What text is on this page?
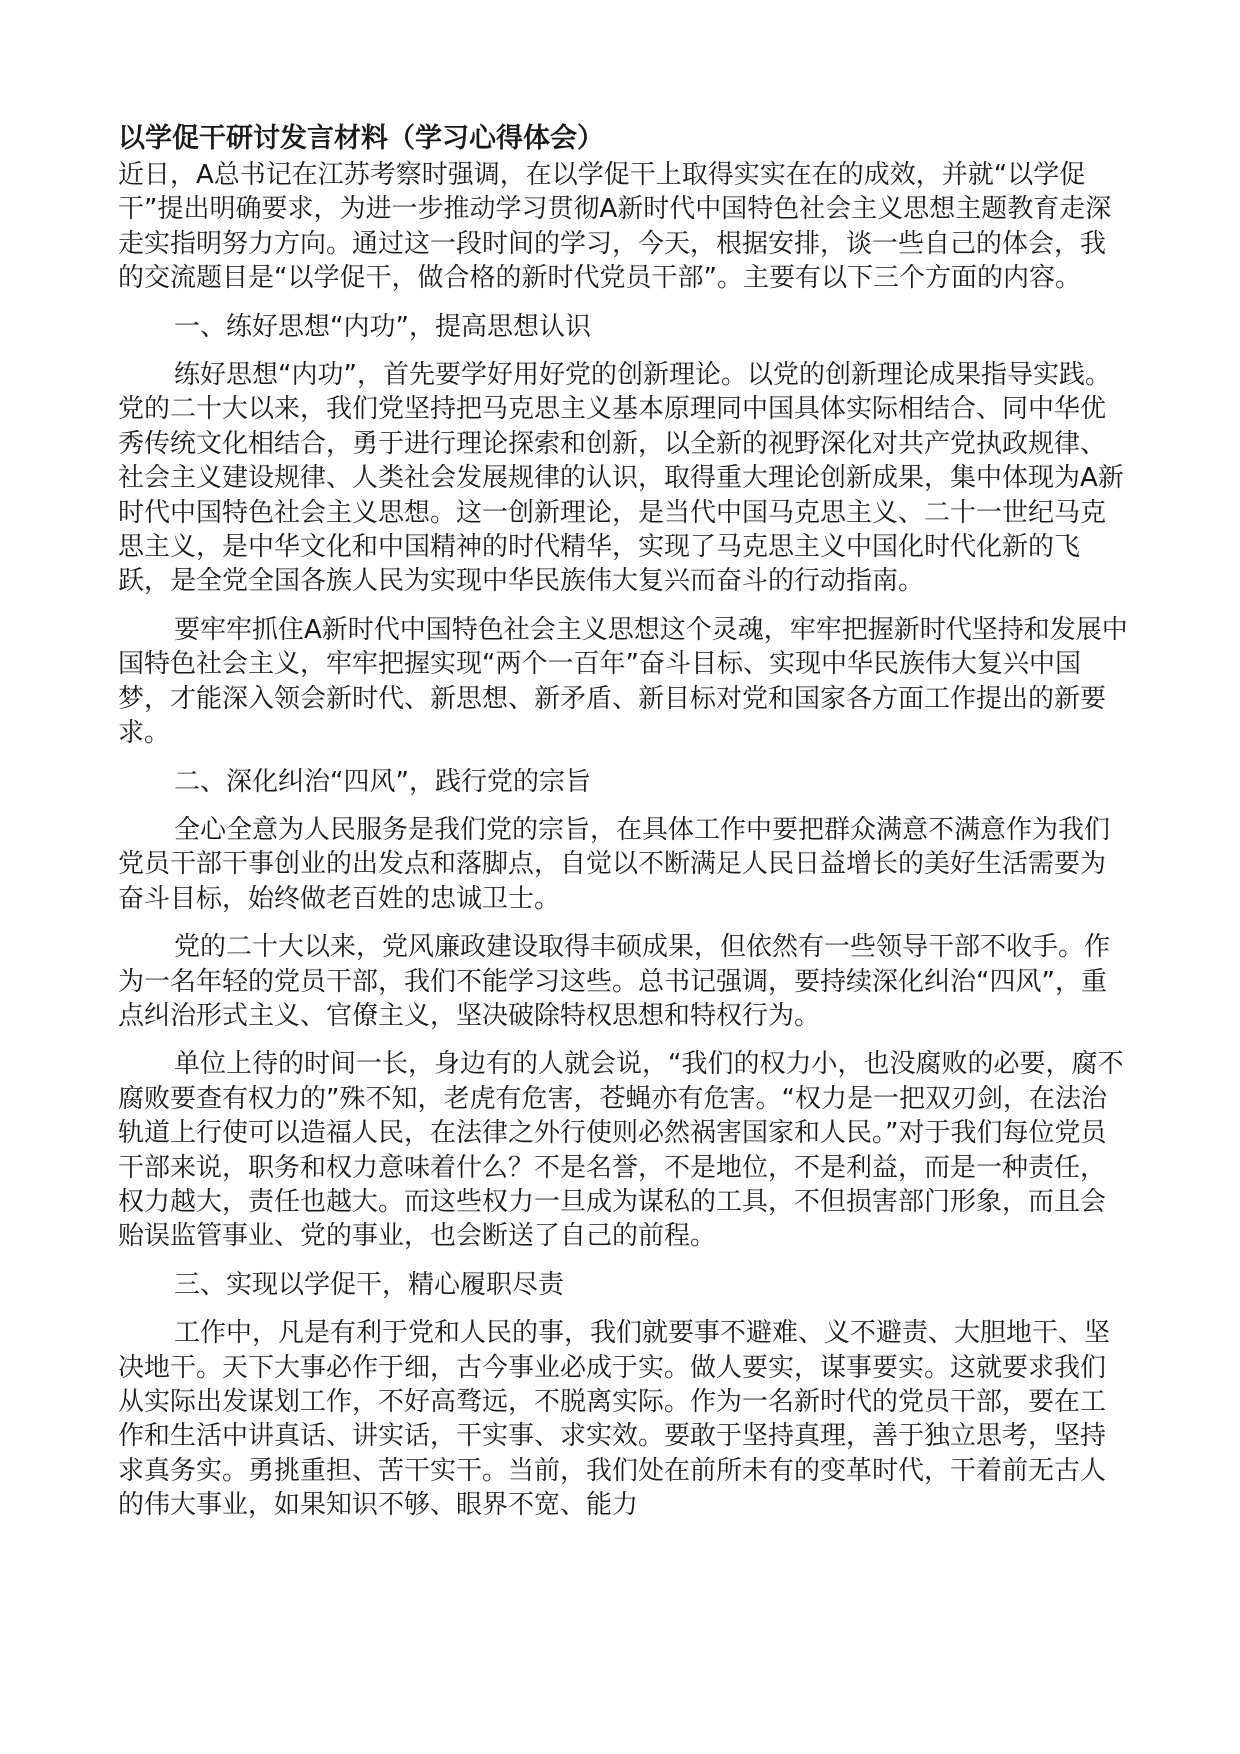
以学促干研讨发言材料（学习心得体会）
近日，A总书记在江苏考察时强调，在以学促干上取得实实在在的成效，并就“以学促干”提出明确要求，为进一步推动学习贯彻A新时代中国特色社会主义思想主题教育走深走实指明努力方向。通过这一段时间的学习，今天，根据安排，谈一些自己的体会，我的交流题目是“以学促干，做合格的新时代党员干部”。主要有以下三个方面的内容。
一、练好思想“内功”，提高思想认识
练好思想“内功”，首先要学好用好党的创新理论。以党的创新理论成果指导实践。党的二十大以来，我们党坚持把马克思主义基本原理同中国具体实际相结合、同中华优秀传统文化相结合，勇于进行理论探索和创新，以全新的视野深化对共产党执政规律、社会主义建设规律、人类社会发展规律的认识，取得重大理论创新成果，集中体现为A新时代中国特色社会主义思想。这一创新理论，是当代中国马克思主义、二十一世纪马克思主义，是中华文化和中国精神的时代精华，实现了马克思主义中国化时代化新的飞跃，是全党全国各族人民为实现中华民族伟大复兴而奋斗的行动指南。
要牢牢抓住A新时代中国特色社会主义思想这个灵魂，牢牢把握新时代坚持和发展中国特色社会主义，牢牢把握实现“两个一百年”奋斗目标、实现中华民族伟大复兴中国梦，才能深入领会新时代、新思想、新矛盾、新目标对党和国家各方面工作提出的新要求。
二、深化纠治“四风”，践行党的宗旨
全心全意为人民服务是我们党的宗旨，在具体工作中要把群众满意不满意作为我们党员干部干事创业的出发点和落脚点，自觉以不断满足人民日益增长的美好生活需要为奋斗目标，始终做老百姓的忠诚卫士。
党的二十大以来，党风廉政建设取得丰硕成果，但依然有一些领导干部不收手。作为一名年轻的党员干部，我们不能学习这些。总书记强调，要持续深化纠治“四风”，重点纠治形式主义、官僚主义，坚决破除特权思想和特权行为。
单位上待的时间一长，身边有的人就会说，“我们的权力小，也没腐败的必要，腐不腐败要查有权力的”殊不知，老虎有危害，苍蝇亦有危害。“权力是一把双刃剑，在法治轨道上行使可以造福人民，在法律之外行使则必然祸害国家和人民。”对于我们每位党员干部来说，职务和权力意味着什么？不是名誉，不是地位，不是利益，而是一种责任，权力越大，责任也越大。而这些权力一旦成为谋私的工具，不但损害部门形象，而且会贻误监管事业、党的事业，也会断送了自己的前程。
三、实现以学促干，精心履职尽责
工作中，凡是有利于党和人民的事，我们就要事不避难、义不避责、大胆地干、坚决地干。天下大事必作于细，古今事业必成于实。做人要实，谋事要实。这就要求我们从实际出发谋划工作，不好高骛远，不脱离实际。作为一名新时代的党员干部，要在工作和生活中讲真话、讲实话，干实事、求实效。要敢于坚持真理，善于独立思考，坚持求真务实。勇挑重担、苦干实干。当前，我们处在前所未有的变革时代，干着前无古人的伟大事业，如果知识不够、眼界不宽、能力
